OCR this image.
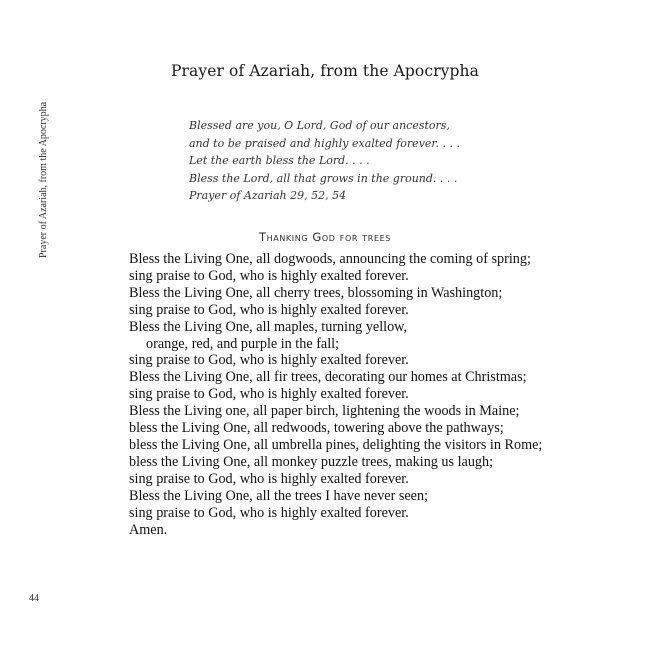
Prayer of Azariah, from the Apocrypha
Prayer of Azariah, from the Apocrypha
Blessed are you, O Lord, God of our ancestors,
and to be praised and highly exalted forever. . . .
Let the earth bless the Lord. . . .
Bless the Lord, all that grows in the ground. . . .
Prayer of Azariah 29, 52, 54
Thanking God for trees
Bless the Living One, all dogwoods, announcing the coming of spring;
sing praise to God, who is highly exalted forever.
Bless the Living One, all cherry trees, blossoming in Washington;
sing praise to God, who is highly exalted forever.
Bless the Living One, all maples, turning yellow,
orange, red, and purple in the fall;
sing praise to God, who is highly exalted forever.
Bless the Living One, all fir trees, decorating our homes at Christmas;
sing praise to God, who is highly exalted forever.
Bless the Living one, all paper birch, lightening the woods in Maine;
bless the Living One, all redwoods, towering above the pathways;
bless the Living One, all umbrella pines, delighting the visitors in Rome;
bless the Living One, all monkey puzzle trees, making us laugh;
sing praise to God, who is highly exalted forever.
Bless the Living One, all the trees I have never seen;
sing praise to God, who is highly exalted forever.
Amen.
44
